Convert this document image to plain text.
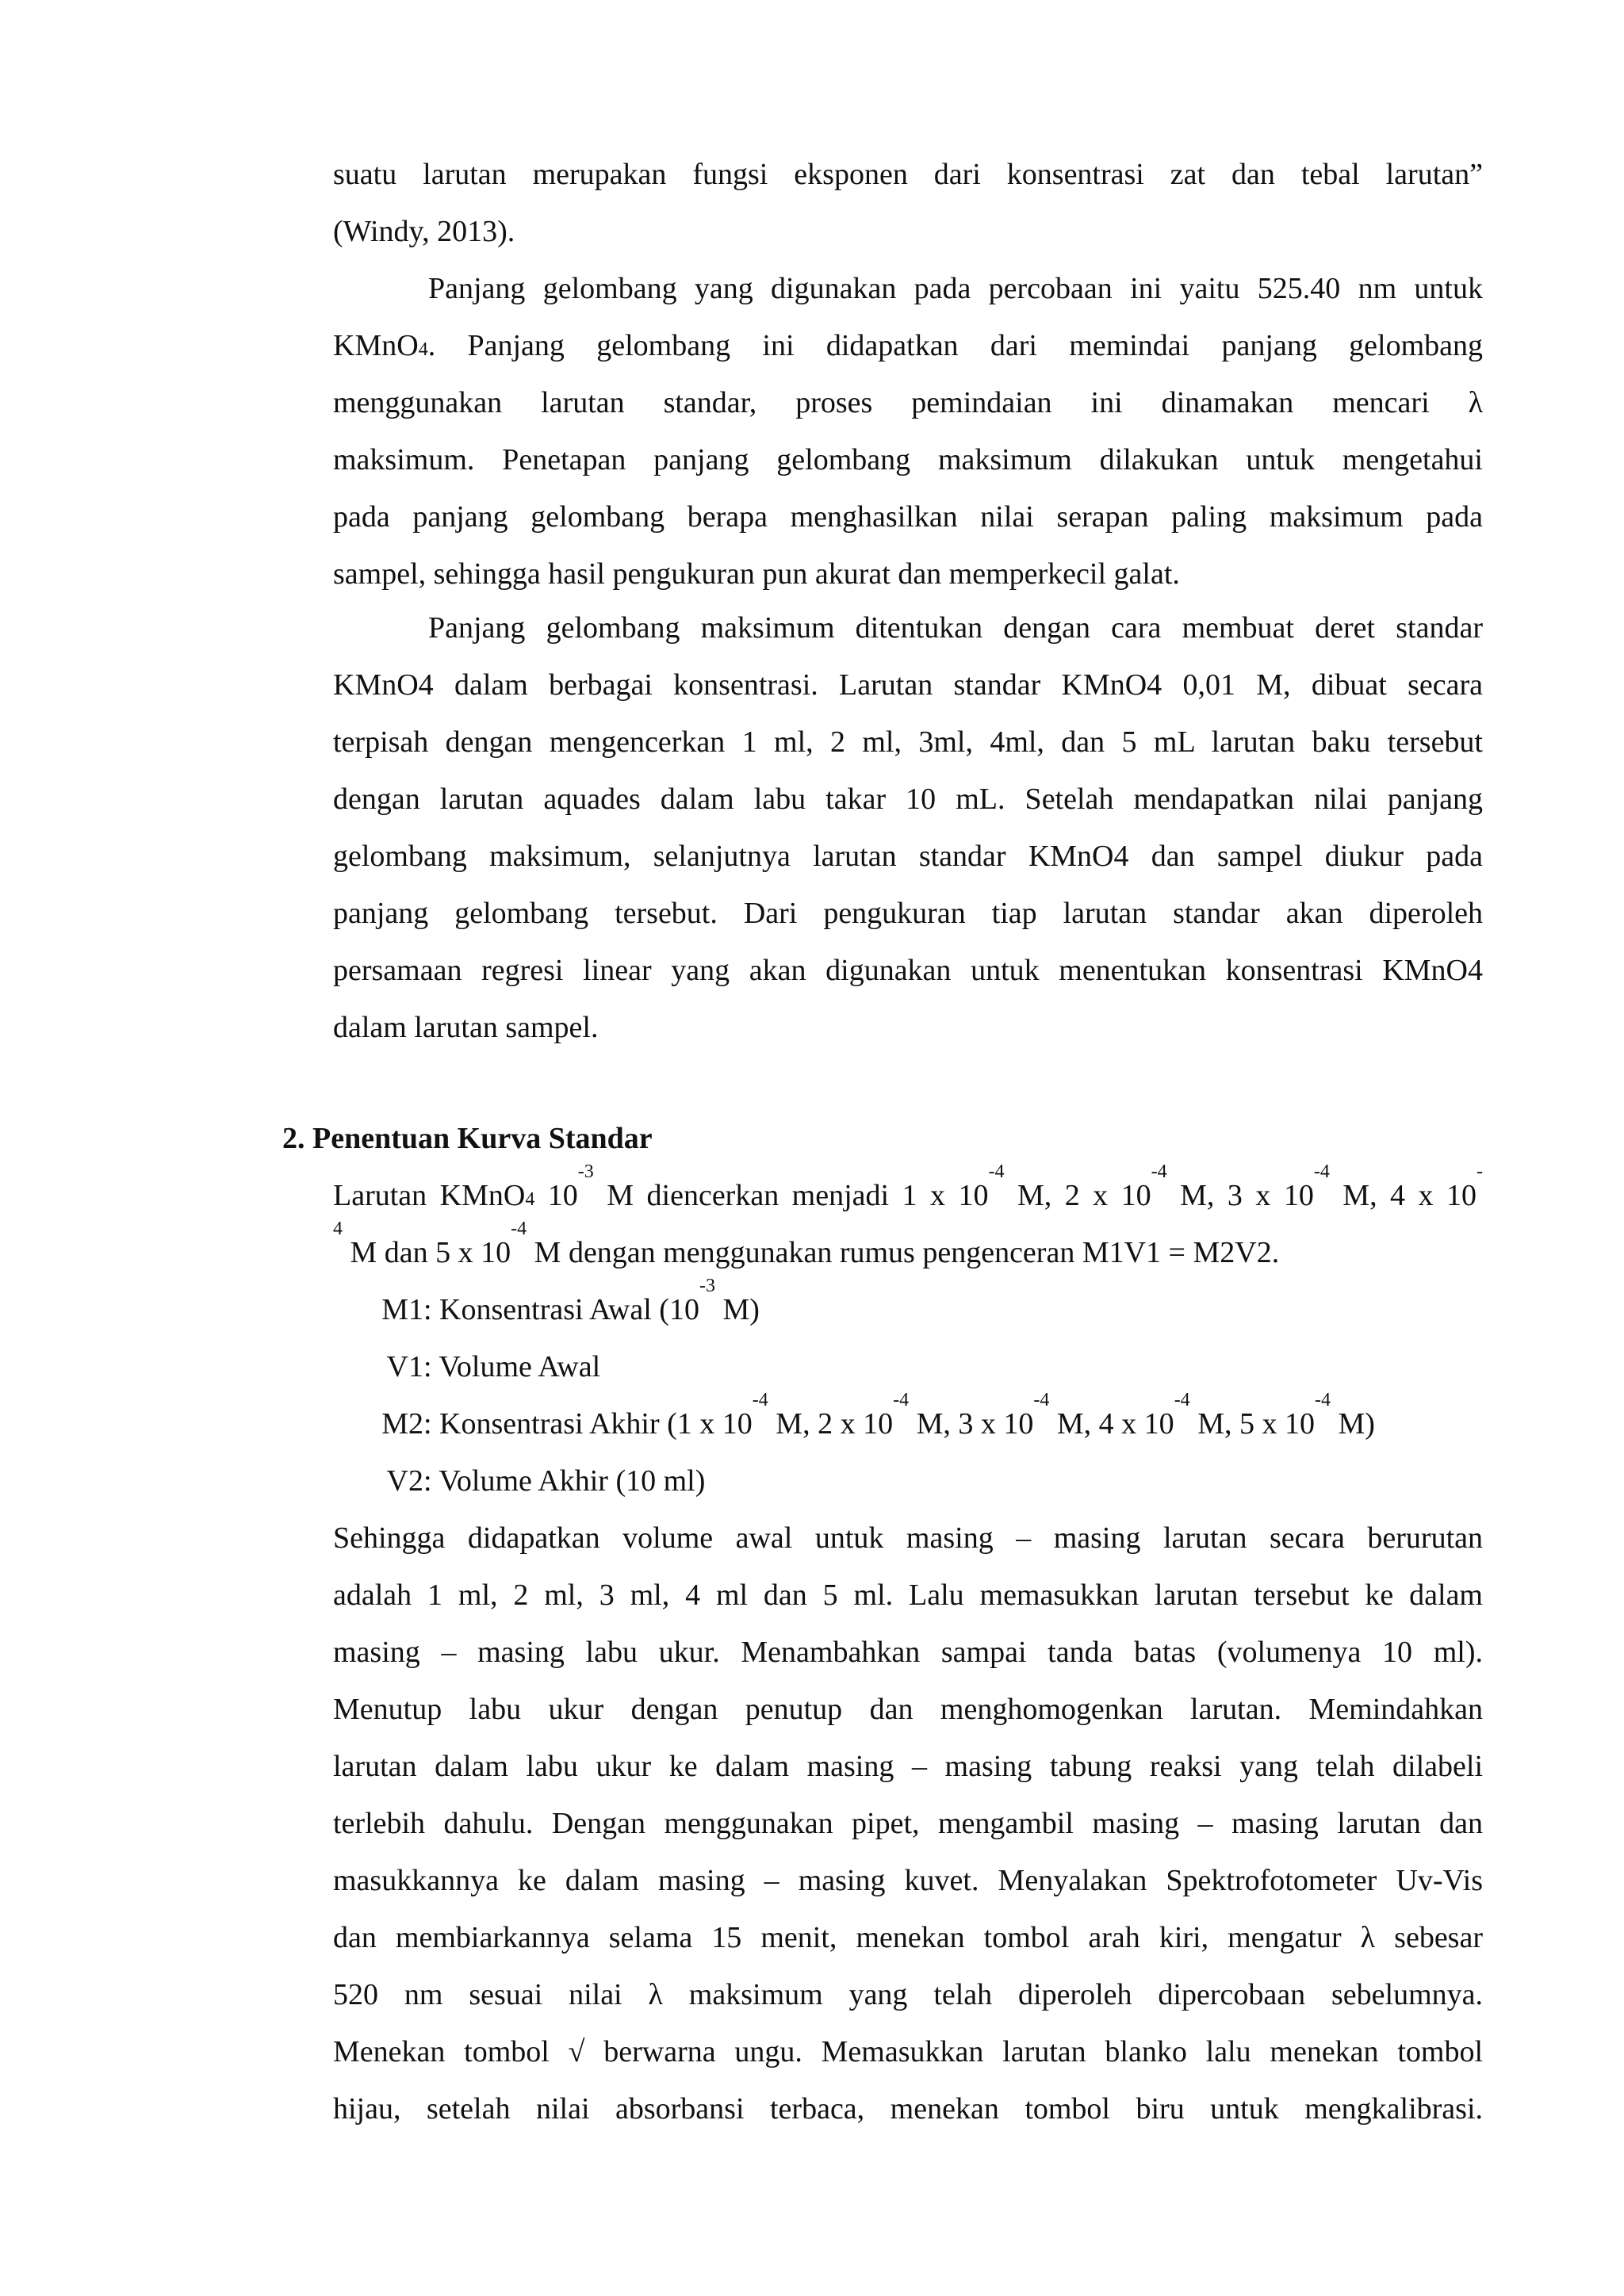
suatu larutan merupakan fungsi eksponen dari konsentrasi zat dan tebal larutan”
(Windy, 2013).
Panjang gelombang yang digunakan pada percobaan ini yaitu 525.40 nm untuk
KMnO4. Panjang gelombang ini didapatkan dari memindai panjang gelombang
menggunakan larutan standar, proses pemindaian ini dinamakan mencari λ
maksimum. Penetapan panjang gelombang maksimum dilakukan untuk mengetahui
pada panjang gelombang berapa menghasilkan nilai serapan paling maksimum pada
sampel, sehingga hasil pengukuran pun akurat dan memperkecil galat.
Panjang gelombang maksimum ditentukan dengan cara membuat deret standar
KMnO4 dalam berbagai konsentrasi. Larutan standar KMnO4 0,01 M, dibuat secara
terpisah dengan mengencerkan 1 ml, 2 ml, 3ml, 4ml, dan 5 mL larutan baku tersebut
dengan larutan aquades dalam labu takar 10 mL. Setelah mendapatkan nilai panjang
gelombang maksimum, selanjutnya larutan standar KMnO4 dan sampel diukur pada
panjang gelombang tersebut. Dari pengukuran tiap larutan standar akan diperoleh
persamaan regresi linear yang akan digunakan untuk menentukan konsentrasi KMnO4
dalam larutan sampel.
2. Penentuan Kurva Standar
Larutan KMnO4 $10^{-3}$ M diencerkan menjadi 1 x $10^{-4}$ M, 2 x $10^{-4}$ M, 3 x $10^{-4}$ M, 4 x 10-
$^4$ M dan 5 x $10^{-4}$ M dengan menggunakan rumus pengenceran M1V1 = M2V2.
M1: Konsentrasi Awal ($10^{-3}$ M)
V1: Volume Awal
M2: Konsentrasi Akhir (1 x $10^{-4}$ M, 2 x $10^{-4}$ M, 3 x $10^{-4}$ M, 4 x $10^{-4}$ M, 5 x $10^{-4}$ M)
V2: Volume Akhir (10 ml)
Sehingga didapatkan volume awal untuk masing – masing larutan secara berurutan
adalah 1 ml, 2 ml, 3 ml, 4 ml dan 5 ml. Lalu memasukkan larutan tersebut ke dalam
masing – masing labu ukur. Menambahkan sampai tanda batas (volumenya 10 ml).
Menutup labu ukur dengan penutup dan menghomogenkan larutan. Memindahkan
larutan dalam labu ukur ke dalam masing – masing tabung reaksi yang telah dilabeli
terlebih dahulu. Dengan menggunakan pipet, mengambil masing – masing larutan dan
masukkannya ke dalam masing – masing kuvet. Menyalakan Spektrofotometer Uv-Vis
dan membiarkannya selama 15 menit, menekan tombol arah kiri, mengatur λ sebesar
520 nm sesuai nilai λ maksimum yang telah diperoleh dipercobaan sebelumnya.
Menekan tombol √ berwarna ungu. Memasukkan larutan blanko lalu menekan tombol
hijau, setelah nilai absorbansi terbaca, menekan tombol biru untuk mengkalibrasi.
